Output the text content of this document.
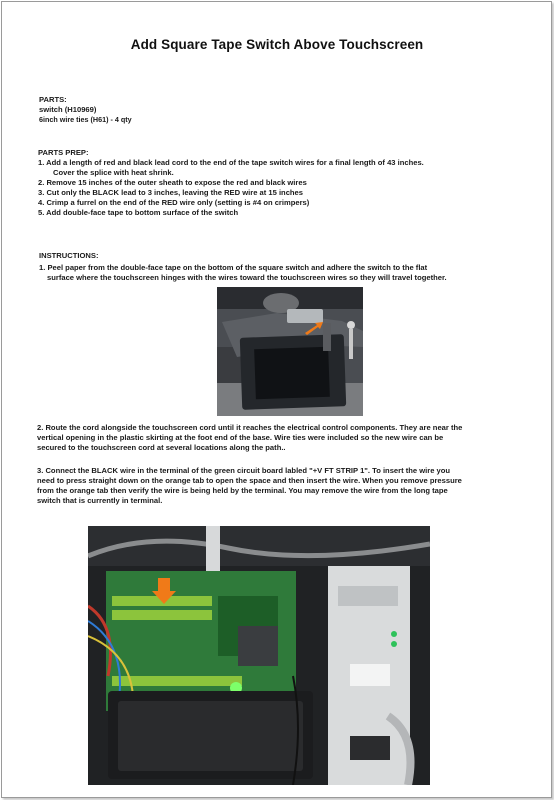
Add Square Tape Switch Above Touchscreen
PARTS:
switch (H10969)
6inch wire ties (H61) - 4 qty
PARTS PREP:
1. Add a length of red and black lead cord to the end of the tape switch wires for a final length of 43 inches.
Cover the splice with heat shrink.
2. Remove 15 inches of the outer sheath to expose the red and black wires
3. Cut only the BLACK lead to 3 inches, leaving the RED wire at 15 inches
4. Crimp a furrel on the end of the RED wire only (setting is #4 on crimpers)
5. Add double-face tape to bottom surface of the switch
INSTRUCTIONS:
1. Peel paper from the double-face tape on the bottom of the square switch and adhere the switch to the flat
surface where the touchscreen hinges with the wires toward the touchscreen wires so they will travel together.
2. Route the cord alongside the touchscreen cord until it reaches the electrical control components. They are near the
vertical opening in the plastic skirting at the foot end of the base. Wire ties were included so the new wire can be
secured to the touchscreen cord at several locations along the path..
3. Connect the BLACK wire in the terminal of the green circuit board labled "+V FT STRIP 1". To insert the wire you
need to press straight down on the orange tab to open the space and then insert the wire. When you remove pressure
from the orange tab then verify the wire is being held by the terminal. You may remove the wire from the long tape
switch that is currently in terminal.
